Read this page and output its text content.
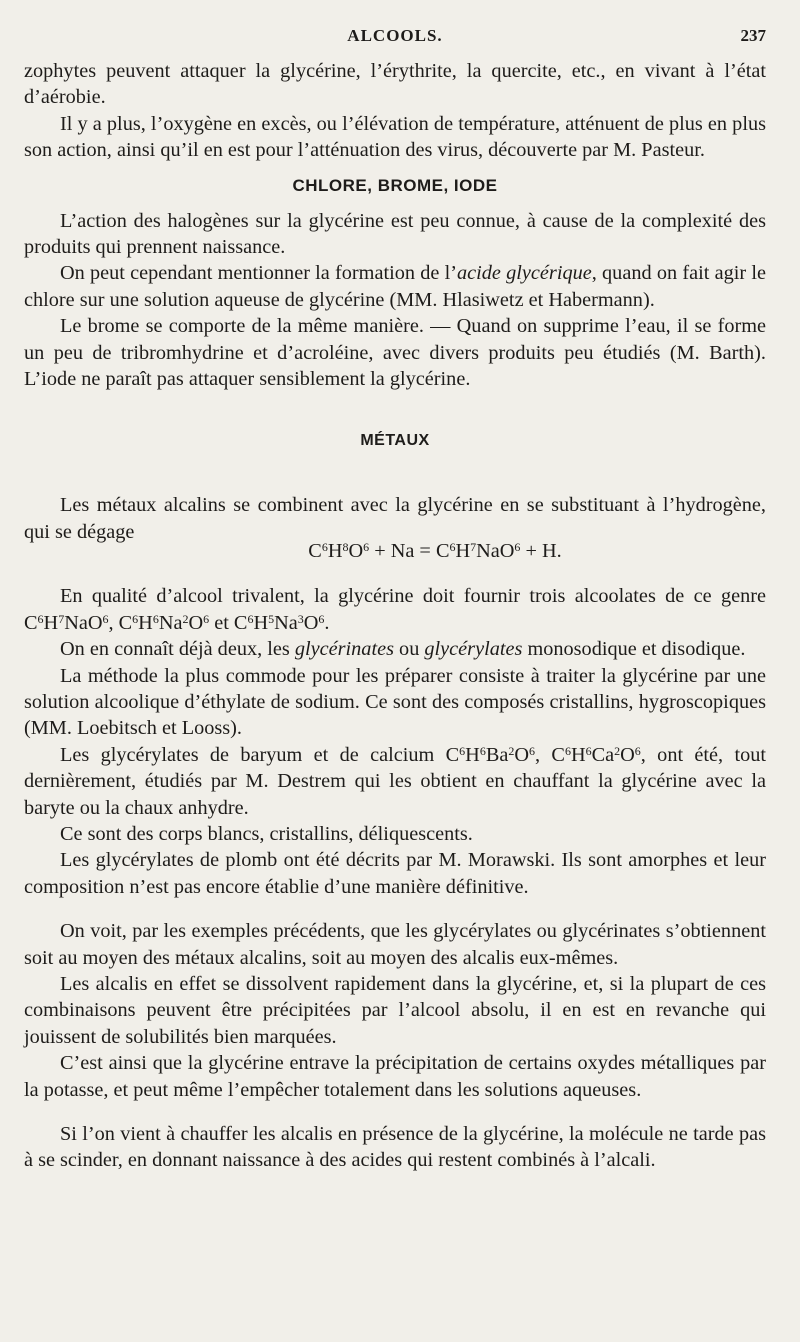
ALCOOLS.	237

zophytes peuvent attaquer la glycérine, l’érythrite, la quercite, etc., en vivant à l’état d’aérobie.

Il y a plus, l’oxygène en excès, ou l’élévation de température, atténuent de plus en plus son action, ainsi qu’il en est pour l’atténuation des virus, découverte par M. Pasteur.

CHLORE, BROME, IODE

L’action des halogènes sur la glycérine est peu connue, à cause de la complexité des produits qui prennent naissance.

On peut cependant mentionner la formation de l’acide glycérique, quand on fait agir le chlore sur une solution aqueuse de glycérine (MM. Hlasiwetz et Habermann).

Le brome se comporte de la même manière. — Quand on supprime l’eau, il se forme un peu de tribromhydrine et d’acroléine, avec divers produits peu étudiés (M. Barth). L’iode ne paraît pas attaquer sensiblement la glycérine.

MÉTAUX

Les métaux alcalins se combinent avec la glycérine en se substituant à l’hydrogène, qui se dégage

$C^6H^8O^6 + Na = C^6H^7NaO^6 + H$.

En qualité d’alcool trivalent, la glycérine doit fournir trois alcoolates de ce genre $C^6H^7NaO^6$, $C^6H^6Na^2O^6$ et $C^6H^5Na^3O^6$.

On en connaît déjà deux, les glycérinates ou glycérylates monosodique et disodique.

La méthode la plus commode pour les préparer consiste à traiter la glycérine par une solution alcoolique d’éthylate de sodium. Ce sont des composés cristallins, hygroscopiques (MM. Loebitsch et Looss).

Les glycérylates de baryum et de calcium $C^6H^6Ba^2O^6$, $C^6H^6Ca^2O^6$, ont été, tout dernièrement, étudiés par M. Destrem qui les obtient en chauffant la glycérine avec la baryte ou la chaux anhydre.

Ce sont des corps blancs, cristallins, déliquescents.

Les glycérylates de plomb ont été décrits par M. Morawski. Ils sont amorphes et leur composition n’est pas encore établie d’une manière définitive.

On voit, par les exemples précédents, que les glycérylates ou glycérinates s’obtiennent soit au moyen des métaux alcalins, soit au moyen des alcalis eux-mêmes.

Les alcalis en effet se dissolvent rapidement dans la glycérine, et, si la plupart de ces combinaisons peuvent être précipitées par l’alcool absolu, il en est en revanche qui jouissent de solubilités bien marquées.

C’est ainsi que la glycérine entrave la précipitation de certains oxydes métalliques par la potasse, et peut même l’empêcher totalement dans les solutions aqueuses.

Si l’on vient à chauffer les alcalis en présence de la glycérine, la molécule ne tarde pas à se scinder, en donnant naissance à des acides qui restent combinés à l’alcali.
